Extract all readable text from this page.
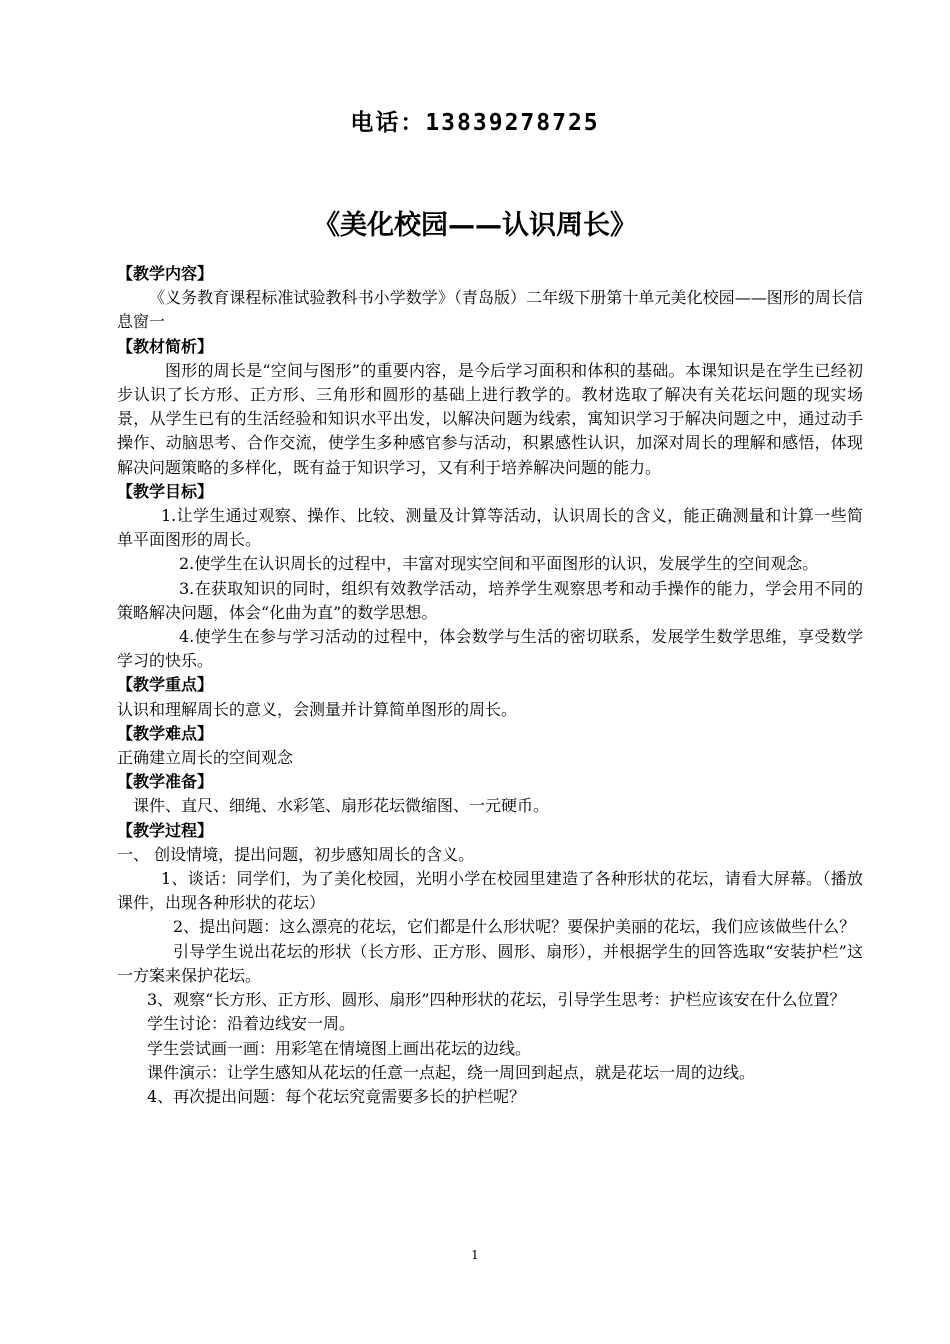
电话：13839278725
《美化校园——认识周长》

【教学内容】

《义务教育课程标准试验教科书小学数学》（青岛版）二年级下册第十单元美化校园——图形的周长信息窗一

【教材简析】

图形的周长是“空间与图形”的重要内容，是今后学习面积和体积的基础。本课知识是在学生已经初步认识了长方形、正方形、三角形和圆形的基础上进行教学的。教材选取了解决有关花坛问题的现实场景，从学生已有的生活经验和知识水平出发，以解决问题为线索，寓知识学习于解决问题之中，通过动手操作、动脑思考、合作交流，使学生多种感官参与活动，积累感性认识，加深对周长的理解和感悟，体现解决问题策略的多样化，既有益于知识学习，又有利于培养解决问题的能力。

【教学目标】

1.让学生通过观察、操作、比较、测量及计算等活动，认识周长的含义，能正确测量和计算一些简单平面图形的周长。

2.使学生在认识周长的过程中，丰富对现实空间和平面图形的认识，发展学生的空间观念。

3.在获取知识的同时，组织有效教学活动，培养学生观察思考和动手操作的能力，学会用不同的策略解决问题，体会“化曲为直”的数学思想。

4.使学生在参与学习活动的过程中，体会数学与生活的密切联系，发展学生数学思维，享受数学学习的快乐。

【教学重点】

认识和理解周长的意义，会测量并计算简单图形的周长。

【教学难点】

正确建立周长的空间观念

【教学准备】

课件、直尺、细绳、水彩笔、扇形花坛微缩图、一元硬币。

【教学过程】

一、 创设情境，提出问题，初步感知周长的含义。

1、谈话：同学们，为了美化校园，光明小学在校园里建造了各种形状的花坛，请看大屏幕。（播放课件，出现各种形状的花坛）

2、提出问题：这么漂亮的花坛，它们都是什么形状呢？要保护美丽的花坛，我们应该做些什么？

引导学生说出花坛的形状（长方形、正方形、圆形、扇形），并根据学生的回答选取“安装护栏”这一方案来保护花坛。

3、观察“长方形、正方形、圆形、扇形”四种形状的花坛，引导学生思考：护栏应该安在什么位置？

学生讨论：沿着边线安一周。

学生尝试画一画：用彩笔在情境图上画出花坛的边线。

课件演示：让学生感知从花坛的任意一点起，绕一周回到起点，就是花坛一周的边线。

4、再次提出问题：每个花坛究竟需要多长的护栏呢？

1
